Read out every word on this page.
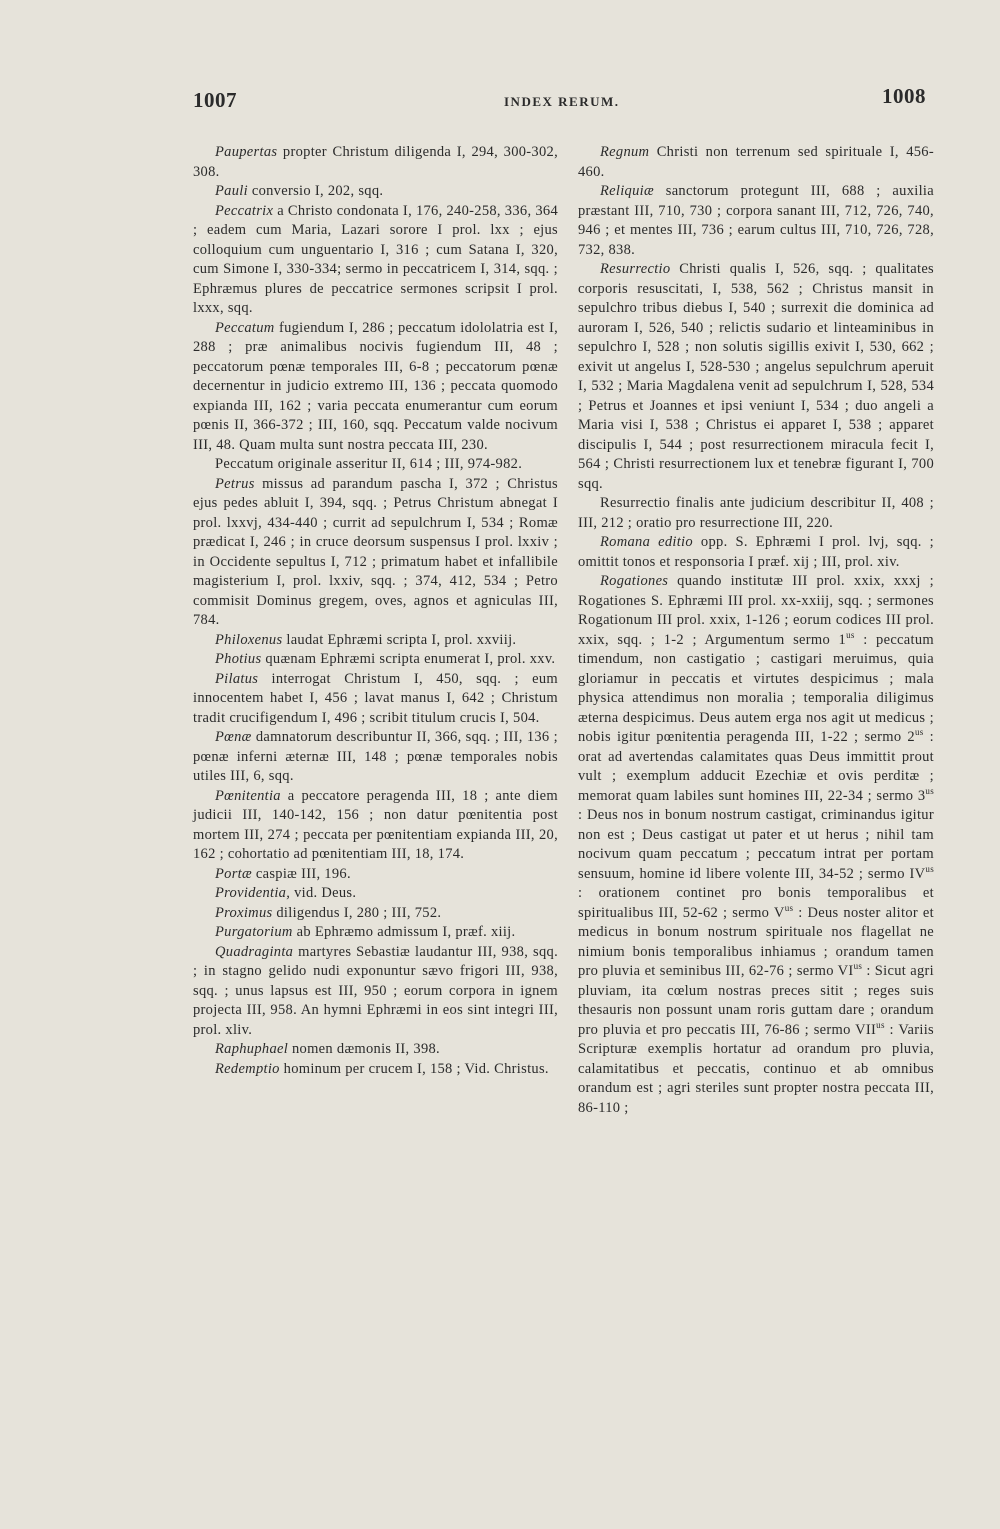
1007	INDEX RERUM.	1008

Paupertas propter Christum diligenda I, 294, 300-302, 308.

Pauli conversio I, 202, sqq.

Peccatrix a Christo condonata I, 176, 240-258, 336, 364 ; eadem cum Maria, Lazari sorore I prol. lxx ; ejus colloquium cum unguentario I, 316 ; cum Satana I, 320, cum Simone I, 330-334; sermo in peccatricem I, 314, sqq. ; Ephræmus plures de peccatrice sermones scripsit I prol. lxxx, sqq.

Peccatum fugiendum I, 286 ; peccatum idololatria est I, 288 ; præ animalibus nocivis fugiendum III, 48 ; peccatorum pœnæ temporales III, 6-8 ; peccatorum pœnæ decernentur in judicio extremo III, 136 ; peccata quomodo expianda III, 162 ; varia peccata enumerantur cum eorum pœnis II, 366-372 ; III, 160, sqq. Peccatum valde nocivum III, 48. Quam multa sunt nostra peccata III, 230.

Peccatum originale asseritur II, 614 ; III, 974-982.

Petrus missus ad parandum pascha I, 372 ; Christus ejus pedes abluit I, 394, sqq. ; Petrus Christum abnegat I prol. lxxvj, 434-440 ; currit ad sepulchrum I, 534 ; Romæ prædicat I, 246 ; in cruce deorsum suspensus I prol. lxxiv ; in Occidente sepultus I, 712 ; primatum habet et infallibile magisterium I, prol. lxxiv, sqq. ; 374, 412, 534 ; Petro commisit Dominus gregem, oves, agnos et agniculas III, 784.

Philoxenus laudat Ephræmi scripta I, prol. xxviij.

Photius quænam Ephræmi scripta enumerat I, prol. xxv.

Pilatus interrogat Christum I, 450, sqq. ; eum innocentem habet I, 456 ; lavat manus I, 642 ; Christum tradit crucifigendum I, 496 ; scribit titulum crucis I, 504.

Pœnæ damnatorum describuntur II, 366, sqq. ; III, 136 ; pœnæ inferni æternæ III, 148 ; pœnæ temporales nobis utiles III, 6, sqq.

Pœnitentia a peccatore peragenda III, 18 ; ante diem judicii III, 140-142, 156 ; non datur pœnitentia post mortem III, 274 ; peccata per pœnitentiam expianda III, 20, 162 ; cohortatio ad pœnitentiam III, 18, 174.

Portæ caspiæ III, 196.

Providentia, vid. Deus.

Proximus diligendus I, 280 ; III, 752.

Purgatorium ab Ephræmo admissum I, præf. xiij.

Quadraginta martyres Sebastiæ laudantur III, 938, sqq. ; in stagno gelido nudi exponuntur sævo frigori III, 938, sqq. ; unus lapsus est III, 950 ; eorum corpora in ignem projecta III, 958. An hymni Ephræmi in eos sint integri III, prol. xliv.

Raphuphael nomen dæmonis II, 398.

Redemptio hominum per crucem I, 158 ; Vid. Christus.

Regnum Christi non terrenum sed spirituale I, 456-460.

Reliquiæ sanctorum protegunt III, 688 ; auxilia præstant III, 710, 730 ; corpora sanant III, 712, 726, 740, 946 ; et mentes III, 736 ; earum cultus III, 710, 726, 728, 732, 838.

Resurrectio Christi qualis I, 526, sqq. ; qualitates corporis resuscitati, I, 538, 562 ; Christus mansit in sepulchro tribus diebus I, 540 ; surrexit die dominica ad auroram I, 526, 540 ; relictis sudario et linteaminibus in sepulchro I, 528 ; non solutis sigillis exivit I, 530, 662 ; exivit ut angelus I, 528-530 ; angelus sepulchrum aperuit I, 532 ; Maria Magdalena venit ad sepulchrum I, 528, 534 ; Petrus et Joannes et ipsi veniunt I, 534 ; duo angeli a Maria visi I, 538 ; Christus ei apparet I, 538 ; apparet discipulis I, 544 ; post resurrectionem miracula fecit I, 564 ; Christi resurrectionem lux et tenebræ figurant I, 700 sqq.

Resurrectio finalis ante judicium describitur II, 408 ; III, 212 ; oratio pro resurrectione III, 220.

Romana editio opp. S. Ephræmi I prol. lvj, sqq. ; omittit tonos et responsoria I præf. xij ; III, prol. xiv.

Rogationes quando institutæ III prol. xxix, xxxj ; Rogationes S. Ephræmi III prol. xx-xxiij, sqq. ; sermones Rogationum III prol. xxix, 1-126 ; eorum codices III prol. xxix, sqq. ; 1-2 ; Argumentum sermo $1^{us}$ : peccatum timendum, non castigatio ; castigari meruimus, quia gloriamur in peccatis et virtutes despicimus ; mala physica attendimus non moralia ; temporalia diligimus æterna despicimus. Deus autem erga nos agit ut medicus ; nobis igitur pœnitentia peragenda III, 1-22 ; sermo $2^{us}$ : orat ad avertendas calamitates quas Deus immittit prout vult ; exemplum adducit Ezechiæ et ovis perditæ ; memorat quam labiles sunt homines III, 22-34 ; sermo $3^{us}$ : Deus nos in bonum nostrum castigat, criminandus igitur non est ; Deus castigat ut pater et ut herus ; nihil tam nocivum quam peccatum ; peccatum intrat per portam sensuum, homine id libere volente III, 34-52 ; sermo $IV^{us}$ : orationem continet pro bonis temporalibus et spiritualibus III, 52-62 ; sermo $V^{us}$ : Deus noster alitor et medicus in bonum nostrum spirituale nos flagellat ne nimium bonis temporalibus inhiamus ; orandum tamen pro pluvia et seminibus III, 62-76 ; sermo $VI^{us}$ : Sicut agri pluviam, ita cœlum nostras preces sitit ; reges suis thesauris non possunt unam roris guttam dare ; orandum pro pluvia et pro peccatis III, 76-86 ; sermo $VII^{us}$ : Variis Scripturæ exemplis hortatur ad orandum pro pluvia, calamitatibus et peccatis, continuo et ab omnibus orandum est ; agri steriles sunt propter nostra peccata III, 86-110 ;
